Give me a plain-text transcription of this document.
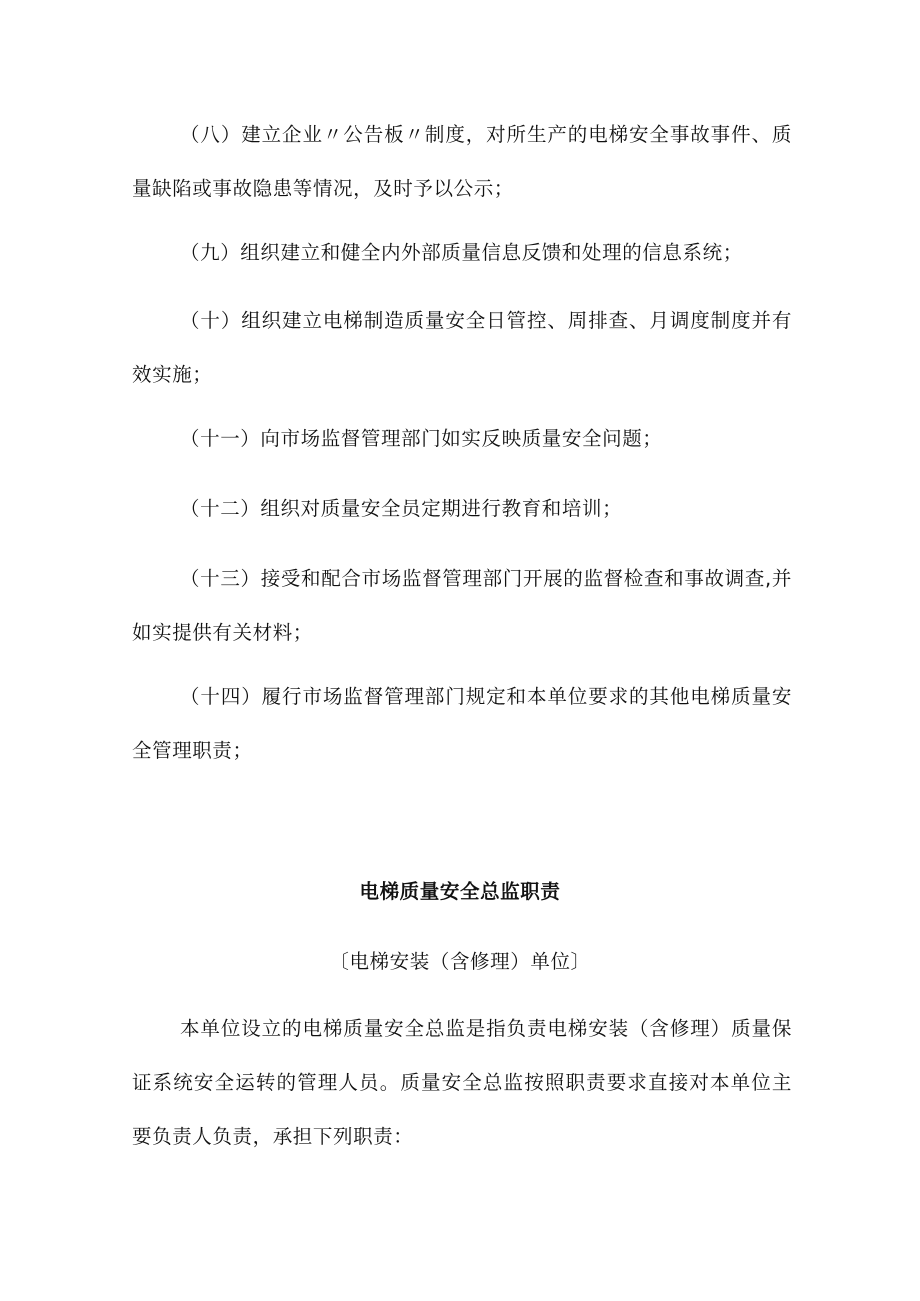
（八）建立企业〃公告板〃制度，对所生产的电梯安全事故事件、质量缺陷或事故隐患等情况，及时予以公示；

（九）组织建立和健全内外部质量信息反馈和处理的信息系统；

（十）组织建立电梯制造质量安全日管控、周排查、月调度制度并有效实施；

（十一）向市场监督管理部门如实反映质量安全问题；

（十二）组织对质量安全员定期进行教育和培训；

（十三）接受和配合市场监督管理部门开展的监督检查和事故调查,并如实提供有关材料；

（十四）履行市场监督管理部门规定和本单位要求的其他电梯质量安全管理职责；

电梯质量安全总监职责

〔电梯安装（含修理）单位〕

本单位设立的电梯质量安全总监是指负责电梯安装（含修理）质量保证系统安全运转的管理人员。质量安全总监按照职责要求直接对本单位主要负责人负责，承担下列职责：
